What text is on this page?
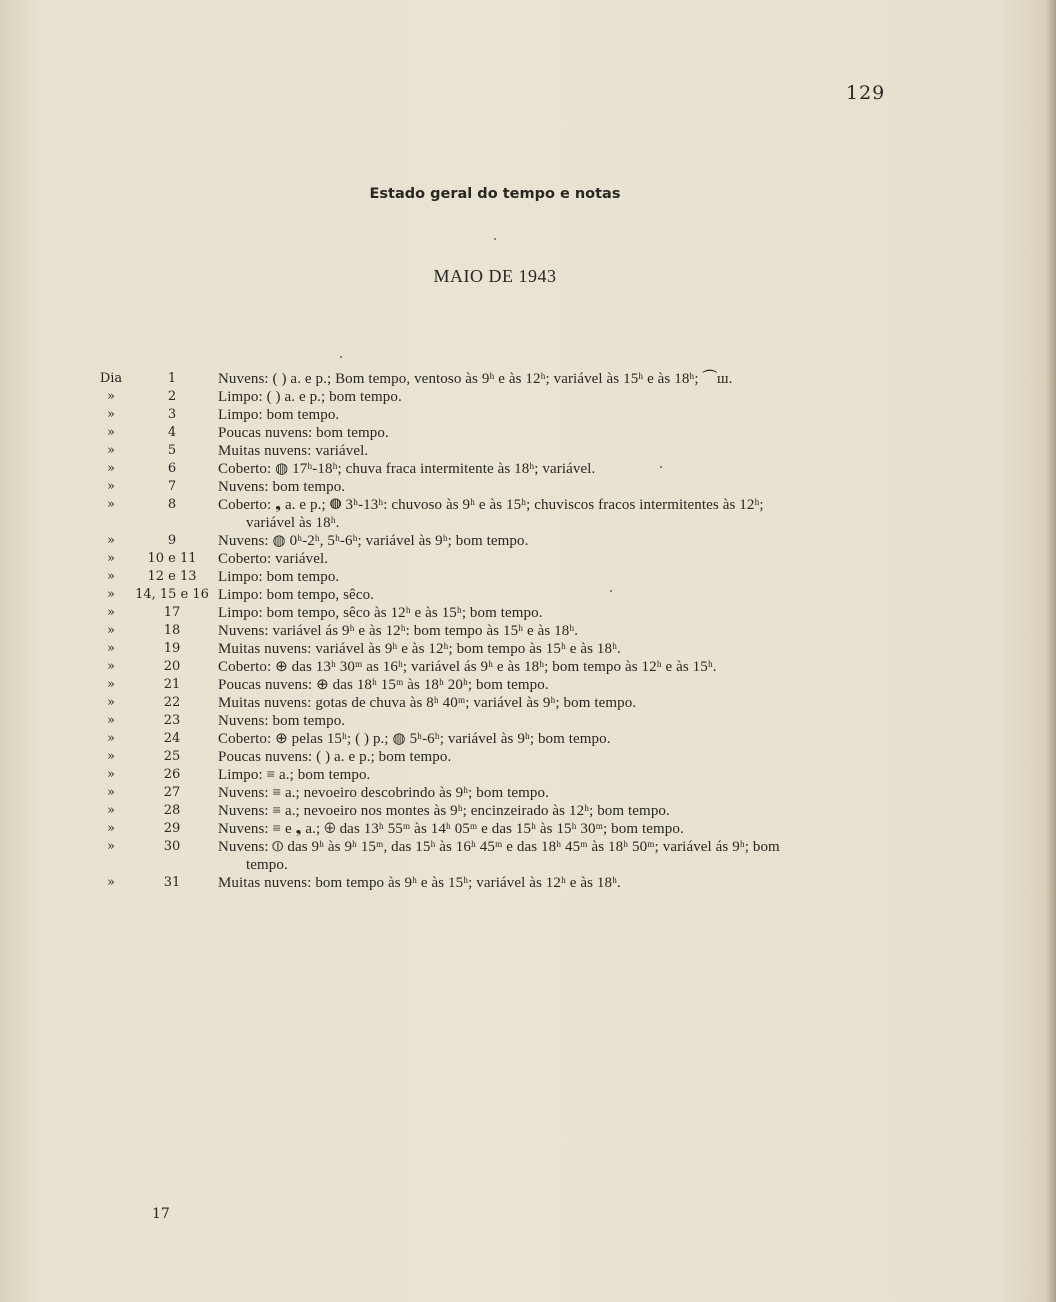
129
Estado geral do tempo e notas
MAIO DE 1943
Dia	1	Nuvens: ( ) a. e p.; Bom tempo, ventoso às 9ʰ e às 12ʰ; variável às 15ʰ e às 18ʰ; ⏜ш.
»	2	Limpo: ( ) a. e p.; bom tempo.
»	3	Limpo: bom tempo.
»	4	Poucas nuvens: bom tempo.
»	5	Muitas nuvens: variável.
»	6	Coberto: ◍ 17ʰ-18ʰ; chuva fraca intermitente às 18ʰ; variável.
»	7	Nuvens: bom tempo.
»	8	Coberto: ❟ a. e p.; ◍ 3ʰ-13ʰ: chuvoso às 9ʰ e às 15ʰ; chuviscos fracos intermitentes às 12ʰ;
variável às 18ʰ.
»	9	Nuvens: ◍ 0ʰ-2ʰ, 5ʰ-6ʰ; variável às 9ʰ; bom tempo.
»	10 e 11	Coberto: variável.
»	12 e 13	Limpo: bom tempo.
»	14, 15 e 16 Limpo: bom tempo, sêco.
»	17	Limpo: bom tempo, sêco às 12ʰ e às 15ʰ; bom tempo.
»	18	Nuvens: variável ás 9ʰ e às 12ʰ: bom tempo às 15ʰ e às 18ʰ.
»	19	Muitas nuvens: variável às 9ʰ e às 12ʰ; bom tempo às 15ʰ e às 18ʰ.
»	20	Coberto: ⊕ das 13ʰ 30ᵐ as 16ʰ; variável ás 9ʰ e às 18ʰ; bom tempo às 12ʰ e às 15ʰ.
»	21	Poucas nuvens: ⊕ das 18ʰ 15ᵐ às 18ʰ 20ʰ; bom tempo.
»	22	Muitas nuvens: gotas de chuva às 8ʰ 40ᵐ; variável às 9ʰ; bom tempo.
»	23	Nuvens: bom tempo.
»	24	Coberto: ⊕ pelas 15ʰ; ( ) p.; ◍ 5ʰ-6ʰ; variável às 9ʰ; bom tempo.
»	25	Poucas nuvens: ( ) a. e p.; bom tempo.
»	26	Limpo: ≡ a.; bom tempo.
»	27	Nuvens: ≡ a.; nevoeiro descobrindo às 9ʰ; bom tempo.
»	28	Nuvens: ≡ a.; nevoeiro nos montes às 9ʰ; encinzeirado às 12ʰ; bom tempo.
»	29	Nuvens: ≡ e ❟ a.; ⊕ das 13ʰ 55ᵐ às 14ʰ 05ᵐ e das 15ʰ às 15ʰ 30ᵐ; bom tempo.
»	30	Nuvens: ⦶ das 9ʰ às 9ʰ 15ᵐ, das 15ʰ às 16ʰ 45ᵐ e das 18ʰ 45ᵐ às 18ʰ 50ᵐ; variável ás 9ʰ; bom
tempo.
»	31	Muitas nuvens: bom tempo às 9ʰ e às 15ʰ; variável às 12ʰ e às 18ʰ.
17
